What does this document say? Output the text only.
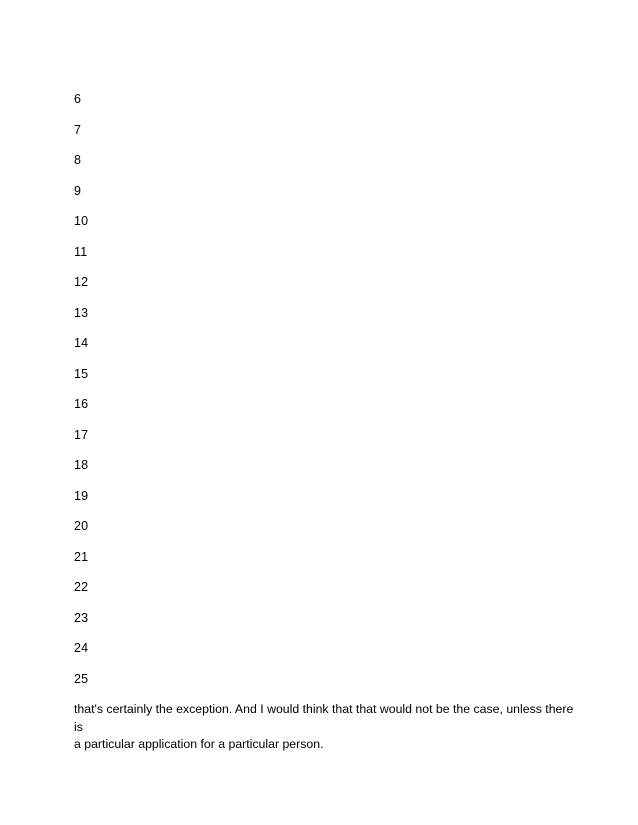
6
7
8
9
10
11
12
13
14
15
16
17
18
19
20
21
22
23
24
25

that's certainly the exception. And I would think that that would not be the case, unless there is
a particular application for a particular person.
